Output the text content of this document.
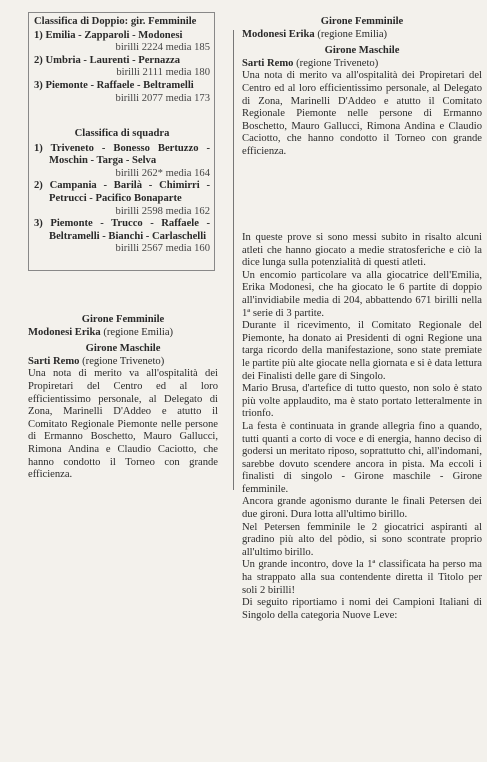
Classifica di Doppio: gir. Femminile

1) Emilia - Zapparoli - Modonesi

birilli 2224 media 185

2) Umbria - Laurenti - Pernazza

birilli 2111 media 180

3) Piemonte - Raffaele - Beltramelli

birilli 2077 media 173

Classifica di squadra

1) Triveneto - Bonesso Bertuzzo - Moschin - Targa - Selva

birilli 262* media 164

2) Campania - Barilà - Chimirri - Petrucci - Pacifico Bonaparte

birilli 2598 media 162

3) Piemonte - Trucco - Raffaele - Beltramelli - Bianchi - Carlaschelli

birilli 2567 media 160

Girone Femminile
Modonesi Erika (regione Emilia)
Girone Maschile
Sarti Remo (regione Triveneto)

Una nota di merito va all'ospitalità dei Propiretari del Centro ed al loro efficientissimo personale, al Delegato di Zona, Marinelli D'Addeo e atutto il Comitato Regionale Piemonte nelle persone di Ermanno Boschetto, Mauro Gallucci, Rimona Andina e Claudio Caciotto, che hanno condotto il Torneo con grande efficienza.

Girone Femminile
Modonesi Erika (regione Emilia)
Girone Maschile
Sarti Remo (regione Triveneto)

Una nota di merito va all'ospitalità dei Propiretari del Centro ed al loro efficientissimo personale, al Delegato di Zona, Marinelli D'Addeo e atutto il Comitato Regionale Piemonte nelle persone di Ermanno Boschetto, Mauro Gallucci, Rimona Andina e Claudio Caciotto, che hanno condotto il Torneo con grande efficienza.

In queste prove si sono messi subito in risalto alcuni atleti che hanno giocato a medie stratosferiche e ciò la dice lunga sulla potenzialità di questi atleti.

Un encomio particolare va alla giocatrice dell'Emilia, Erika Modonesi, che ha giocato le 6 partite di doppio all'invidiabile media di 204, abbattendo 671 birilli nella 1ª serie di 3 partite.

Durante il ricevimento, il Comitato Regionale del Piemonte, ha donato ai Presidenti di ogni Regione una targa ricordo della manifestazione, sono state premiate le partite più alte giocate nella giornata e si è data lettura dei Finalisti delle gare di Singolo.

Mario Brusa, d'artefice di tutto questo, non solo è stato più volte applaudito, ma è stato portato letteralmente in trionfo.

La festa è continuata in grande allegria fino a quando, tutti quanti a corto di voce e di energia, hanno deciso di godersi un meritato riposo, soprattutto chi, all'indomani, sarebbe dovuto scendere ancora in pista. Ma eccoli i finalisti di singolo - Girone maschile - Girone femminile.

Ancora grande agonismo durante le finali Petersen dei due gironi. Dura lotta all'ultimo birillo.

Nel Petersen femminile le 2 giocatrici aspiranti al gradino più alto del pòdio, si sono scontrate proprio all'ultimo birillo.

Un grande incontro, dove la 1ª classificata ha perso ma ha strappato alla sua contendente diretta il Titolo per soli 2 birilli!

Di seguito riportiamo i nomi dei Campioni Italiani di Singolo della categoria Nuove Leve:
